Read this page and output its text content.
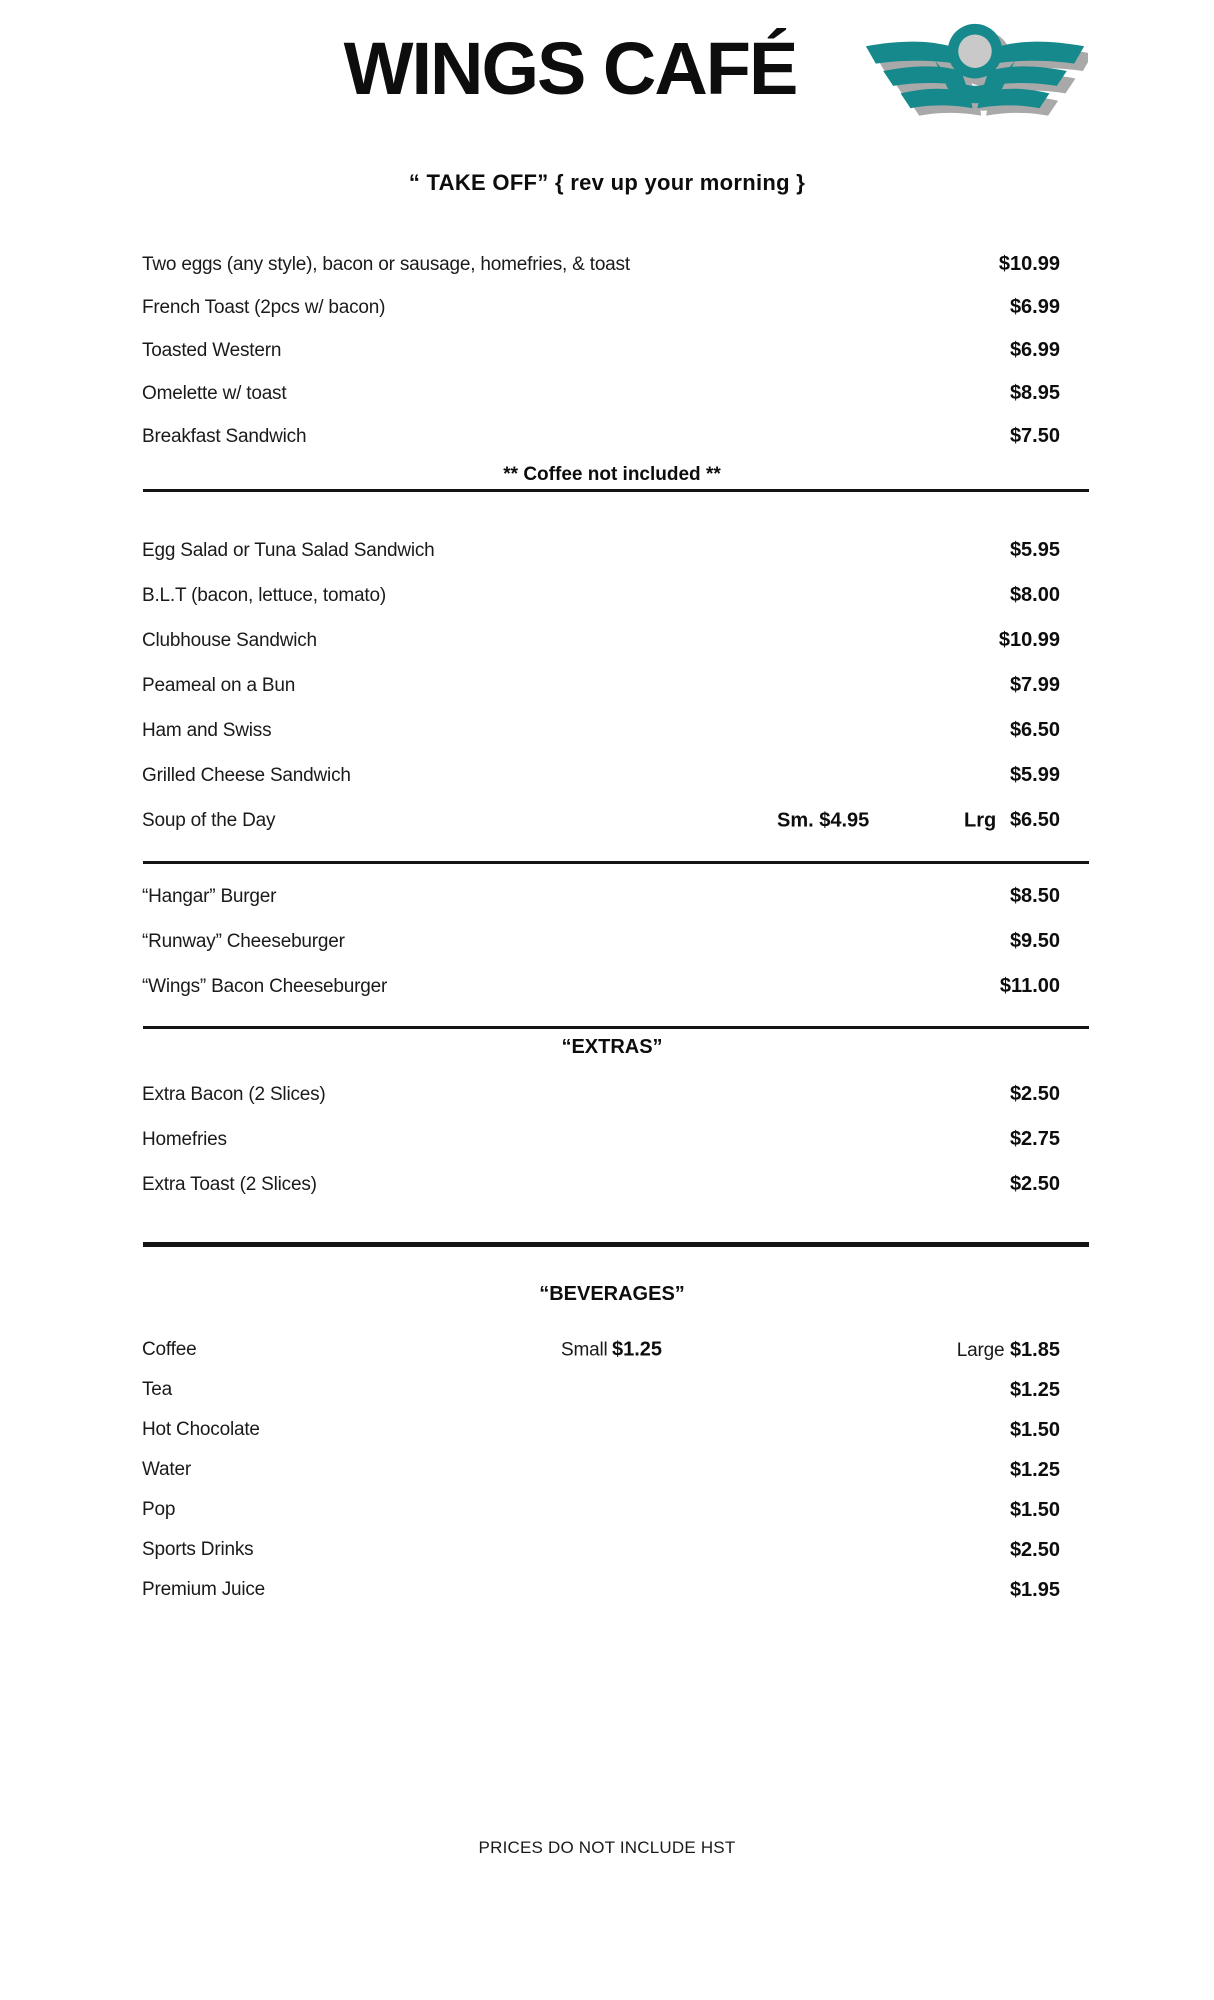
WINGS CAFÉ
“ TAKE OFF” { rev up your morning }
Two eggs (any style), bacon or sausage, homefries, & toast	$10.99
French Toast (2pcs w/ bacon)	$6.99
Toasted Western	$6.99
Omelette w/ toast	$8.95
Breakfast Sandwich	$7.50
** Coffee not included **
Egg Salad or Tuna Salad Sandwich	$5.95
B.L.T (bacon, lettuce, tomato)	$8.00
Clubhouse Sandwich	$10.99
Peameal on a Bun	$7.99
Ham and Swiss	$6.50
Grilled Cheese Sandwich	$5.99
Soup of the Day	Sm. $4.95	Lrg $6.50
“Hangar” Burger	$8.50
“Runway” Cheeseburger	$9.50
“Wings” Bacon Cheeseburger	$11.00
“EXTRAS”
Extra Bacon (2 Slices)	$2.50
Homefries	$2.75
Extra Toast (2 Slices)	$2.50
“BEVERAGES”
Coffee	Small $1.25	Large $1.85
Tea	$1.25
Hot Chocolate	$1.50
Water	$1.25
Pop	$1.50
Sports Drinks	$2.50
Premium Juice	$1.95
PRICES DO NOT INCLUDE HST
